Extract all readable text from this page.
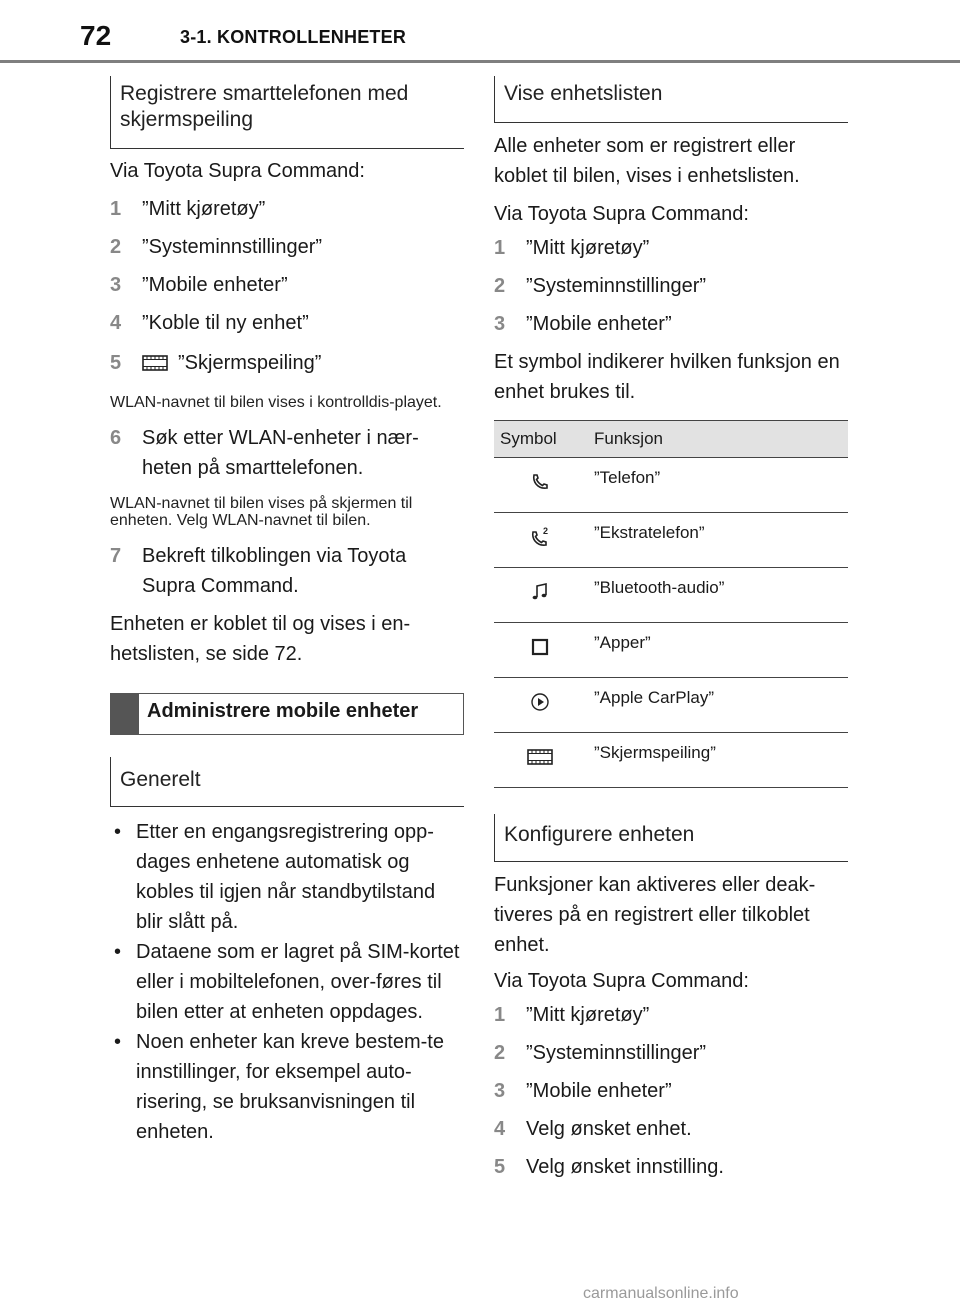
72	3-1. KONTROLLENHETER
Registrere smarttelefonen med skjermspeiling

Via Toyota Supra Command:

1 ”Mitt kjøretøy”
2 ”Systeminnstillinger”
3 ”Mobile enheter”
4 ”Koble til ny enhet”
5	”Skjermspeiling”

WLAN-navnet til bilen vises i kontrolldis-playet.

6 Søk etter WLAN-enheter i nær-heten på smarttelefonen.

WLAN-navnet til bilen vises på skjermen til enheten. Velg WLAN-navnet til bilen.

7 Bekreft tilkoblingen via Toyota Supra Command.

Enheten er koblet til og vises i en-hetslisten, se side 72.

Administrere mobile enheter
Generelt
• Etter en engangsregistrering opp-dages enhetene automatisk og kobles til igjen når standbytilstand blir slått på.
• Dataene som er lagret på SIM-kortet eller i mobiltelefonen, over-føres til bilen etter at enheten oppdages.
• Noen enheter kan kreve bestem-te innstillinger, for eksempel auto-risering, se bruksanvisningen til enheten.
Vise enhetslisten

Alle enheter som er registrert eller koblet til bilen, vises i enhetslisten.

Via Toyota Supra Command:

1 ”Mitt kjøretøy”
2 ”Systeminnstillinger”
3 ”Mobile enheter”

Et symbol indikerer hvilken funksjon en enhet brukes til.

Symbol	Funksjon
	”Telefon”

2	”Ekstratelefon”
	”Bluetooth-audio”
	”Apper”
	”Apple CarPlay”
	”Skjermspeiling”
Konfigurere enheten

Funksjoner kan aktiveres eller deak-tiveres på en registrert eller tilkoblet enhet.

Via Toyota Supra Command:

1 ”Mitt kjøretøy”
2 ”Systeminnstillinger”
3 ”Mobile enheter”
4 Velg ønsket enhet.
5 Velg ønsket innstilling.
carmanualsonline.info
